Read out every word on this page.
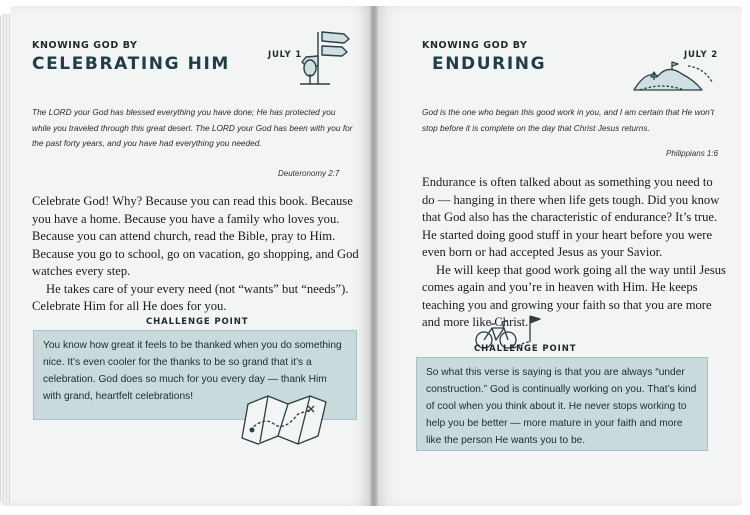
KNOWING GOD BY
CELEBRATING HIM	JULY 1
The LORD your God has blessed everything you have done; He has protected you while you traveled through this great desert. The LORD your God has been with you for the past forty years, and you have had everything you needed.
Deuteronomy 2:7

Celebrate God! Why? Because you can read this book. Because you have a home. Because you have a family who loves you. Because you can attend church, read the Bible, pray to Him. Because you go to school, go on vacation, go shopping, and God watches every step.

He takes care of your every need (not “wants” but “needs”). Celebrate Him for all He does for you.

CHALLENGE POINT
You know how great it feels to be thanked when you do something nice. It’s even cooler for the thanks to be so grand that it’s a celebration. God does so much for you every day — thank Him with grand, heartfelt celebrations!
KNOWING GOD BY
ENDURING	JULY 2
God is the one who began this good work in you, and I am certain that He won’t stop before it is complete on the day that Christ Jesus returns.
Philippians 1:6

Endurance is often talked about as something you need to do — hanging in there when life gets tough. Did you know that God also has the characteristic of endurance? It’s true. He started doing good stuff in your heart before you were even born or had accepted Jesus as your Savior.

He will keep that good work going all the way until Jesus comes again and you’re in heaven with Him. He keeps teaching you and growing your faith so that you are more and more like Christ.

CHALLENGE POINT
So what this verse is saying is that you are always “under construction.” God is continually working on you. That’s kind of cool when you think about it. He never stops working to help you be better — more mature in your faith and more like the person He wants you to be.
